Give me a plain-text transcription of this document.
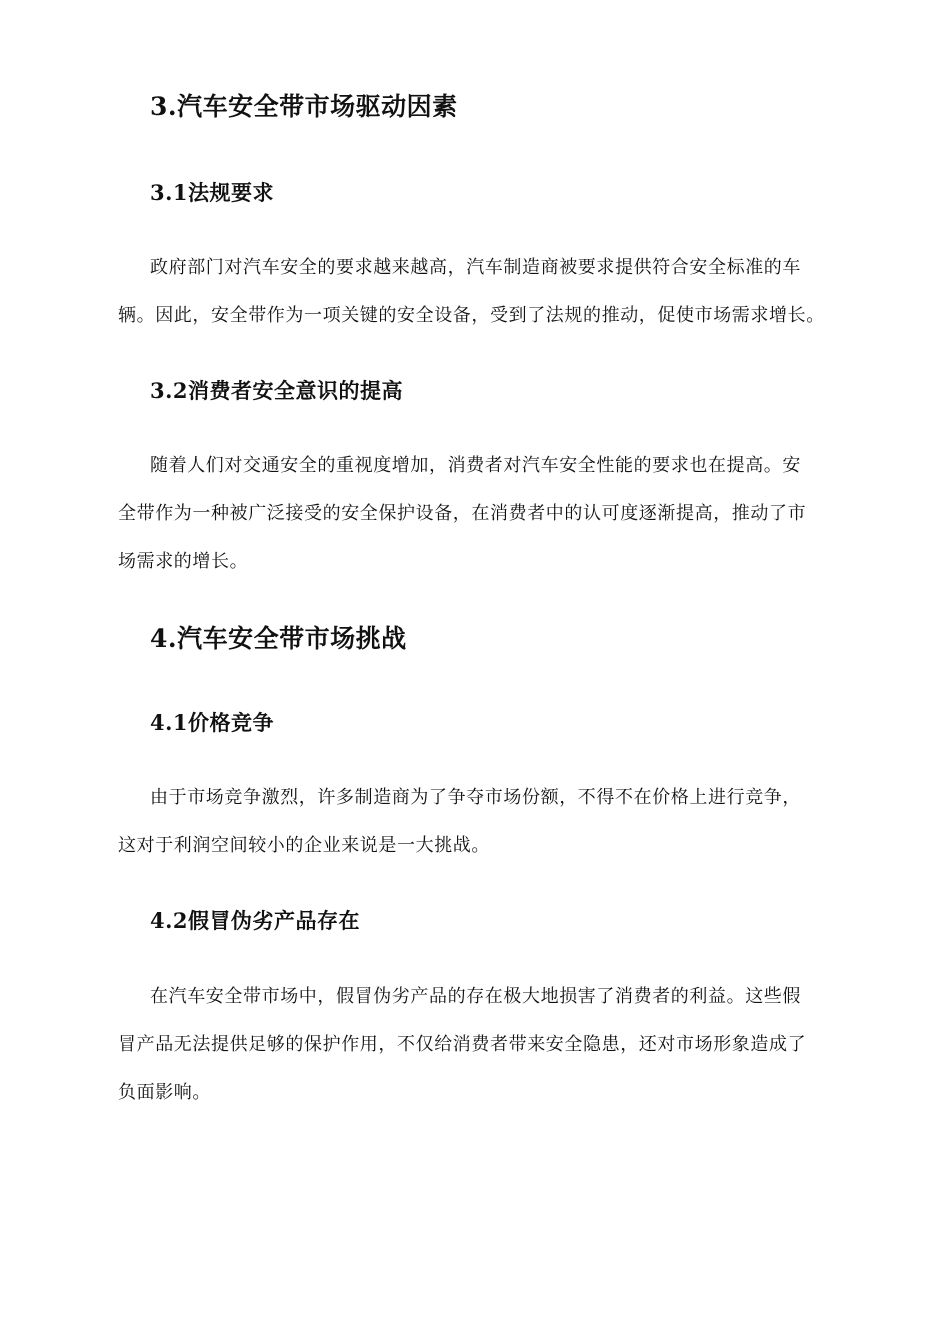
3.汽车安全带市场驱动因素
3.1法规要求
政府部门对汽车安全的要求越来越高，汽车制造商被要求提供符合安全标准的车
辆。因此，安全带作为一项关键的安全设备，受到了法规的推动，促使市场需求增长。
3.2消费者安全意识的提高
随着人们对交通安全的重视度增加，消费者对汽车安全性能的要求也在提高。安
全带作为一种被广泛接受的安全保护设备，在消费者中的认可度逐渐提高，推动了市
场需求的增长。
4.汽车安全带市场挑战
4.1价格竞争
由于市场竞争激烈，许多制造商为了争夺市场份额，不得不在价格上进行竞争，
这对于利润空间较小的企业来说是一大挑战。
4.2假冒伪劣产品存在
在汽车安全带市场中，假冒伪劣产品的存在极大地损害了消费者的利益。这些假
冒产品无法提供足够的保护作用，不仅给消费者带来安全隐患，还对市场形象造成了
负面影响。
